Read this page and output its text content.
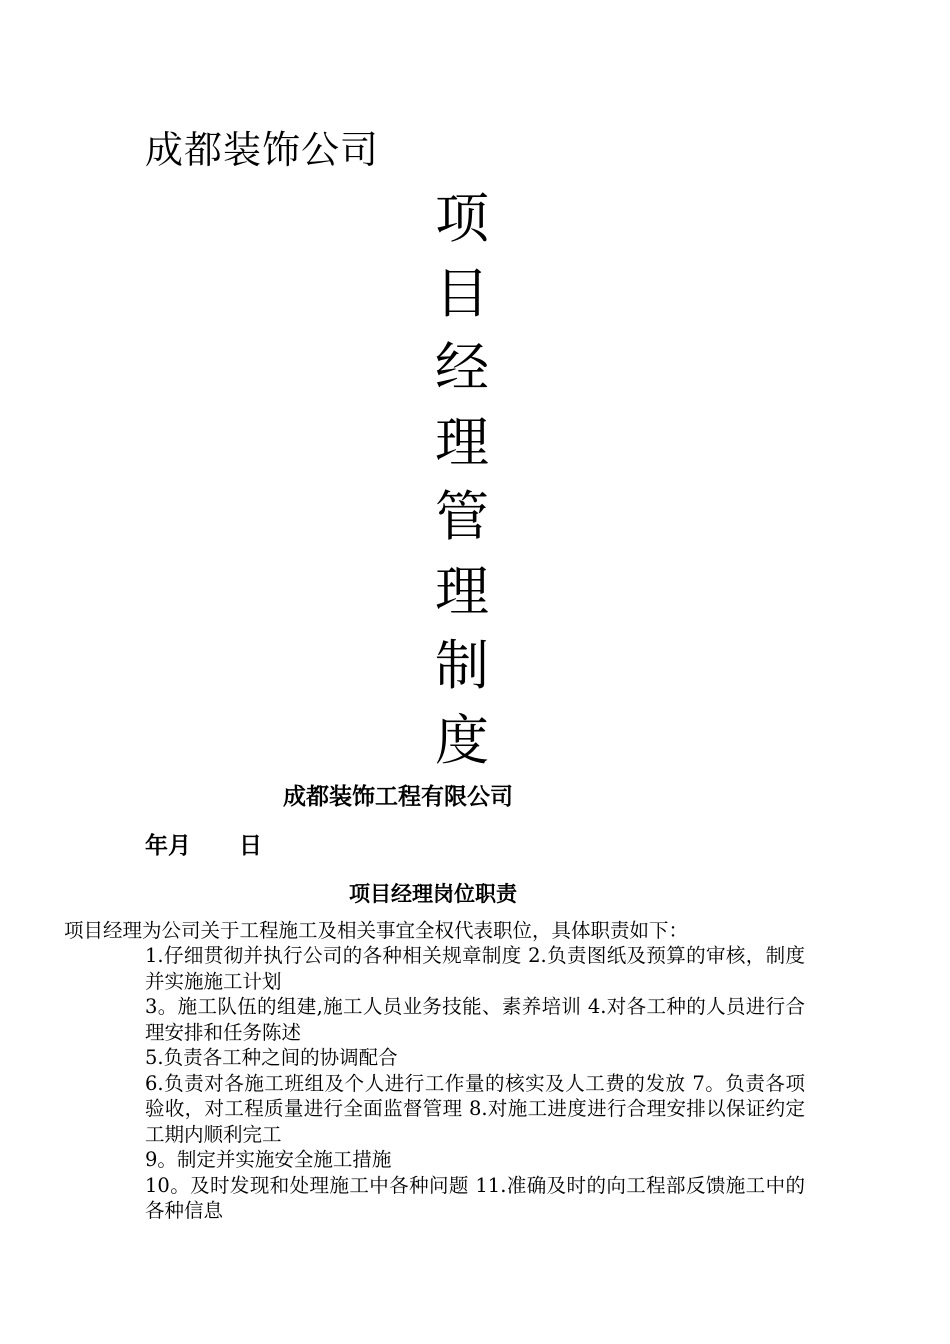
成都装饰公司
项
目
经
理
管
理
制
度
成都装饰工程有限公司
年月      日
项目经理岗位职责
项目经理为公司关于工程施工及相关事宜全权代表职位，具体职责如下：
1.仔细贯彻并执行公司的各种相关规章制度 2.负责图纸及预算的审核，制度并实施施工计划
3。施工队伍的组建,施工人员业务技能、素养培训 4.对各工种的人员进行合理安排和任务陈述
5.负责各工种之间的协调配合
6.负责对各施工班组及个人进行工作量的核实及人工费的发放 7。负责各项验收，对工程质量进行全面监督管理 8.对施工进度进行合理安排以保证约定工期内顺利完工
9。制定并实施安全施工措施
10。及时发现和处理施工中各种问题 11.准确及时的向工程部反馈施工中的各种信息
